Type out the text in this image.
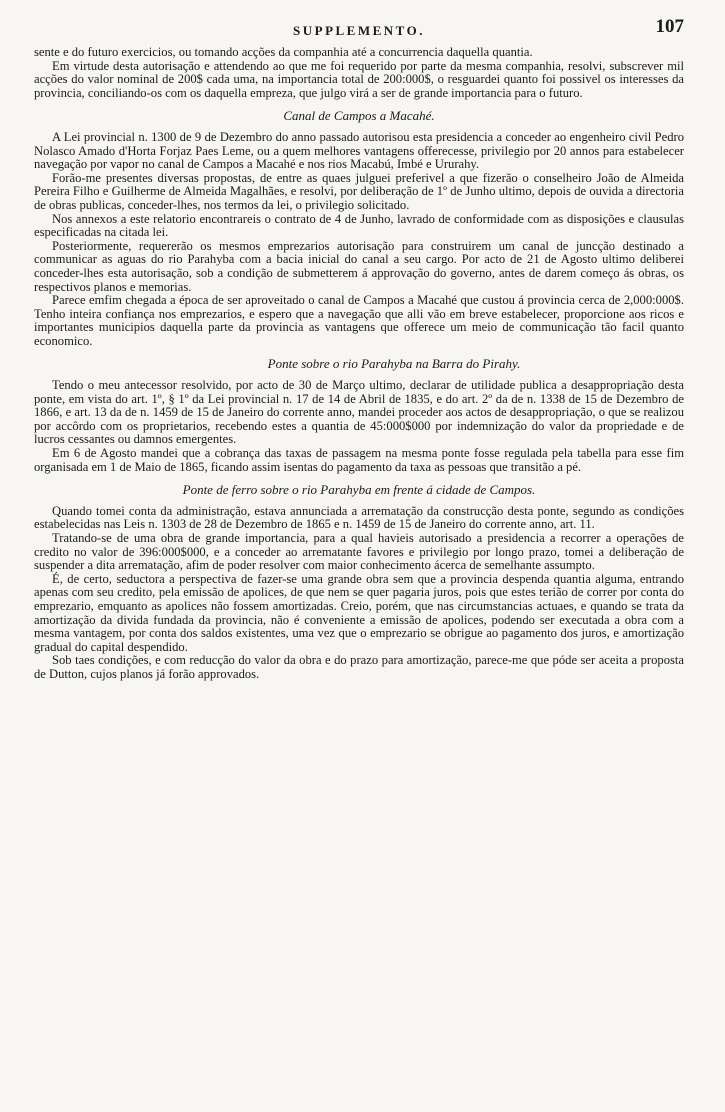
SUPPLEMENTO.	107

sente e do futuro exercicios, ou tomando acções da companhia até a concurrencia daquella quantia.

Em virtude desta autorisação e attendendo ao que me foi requerido por parte da mesma companhia, resolvi, subscrever mil acções do valor nominal de 200$ cada uma, na importancia total de 200:000$, o resguardei quanto foi possivel os interesses da provincia, conciliando-os com os daquella empreza, que julgo virá a ser de grande importancia para o futuro.

Canal de Campos a Macahé.

A Lei provincial n. 1300 de 9 de Dezembro do anno passado autorisou esta presidencia a conceder ao engenheiro civil Pedro Nolasco Amado d'Horta Forjaz Paes Leme, ou a quem melhores vantagens offerecesse, privilegio por 20 annos para estabelecer navegação por vapor no canal de Campos a Macahé e nos rios Macabú, Imbé e Ururahy.

Forão-me presentes diversas propostas, de entre as quaes julguei preferivel a que fizerão o conselheiro João de Almeida Pereira Filho e Guilherme de Almeida Magalhães, e resolvi, por deliberação de 1º de Junho ultimo, depois de ouvida a directoria de obras publicas, conceder-lhes, nos termos da lei, o privilegio solicitado.

Nos annexos a este relatorio encontrareis o contrato de 4 de Junho, lavrado de conformidade com as disposições e clausulas especificadas na citada lei.

Posteriormente, requererão os mesmos emprezarios autorisação para construirem um canal de juncção destinado a communicar as aguas do rio Parahyba com a bacia inicial do canal a seu cargo. Por acto de 21 de Agosto ultimo deliberei conceder-lhes esta autorisação, sob a condição de submetterem á approvação do governo, antes de darem começo ás obras, os respectivos planos e memorias.

Parece emfim chegada a época de ser aproveitado o canal de Campos a Macahé que custou á provincia cerca de 2,000:000$. Tenho inteira confiança nos emprezarios, e espero que a navegação que alli vão em breve estabelecer, proporcione aos ricos e importantes municipios daquella parte da provincia as vantagens que offerece um meio de communicação tão facil quanto economico.

Ponte sobre o rio Parahyba na Barra do Pirahy.

Tendo o meu antecessor resolvido, por acto de 30 de Março ultimo, declarar de utilidade publica a desappropriação desta ponte, em vista do art. 1º, § 1º da Lei provincial n. 17 de 14 de Abril de 1835, e do art. 2º da de n. 1338 de 15 de Dezembro de 1866, e art. 13 da de n. 1459 de 15 de Janeiro do corrente anno, mandei proceder aos actos de desappropriação, o que se realizou por accôrdo com os proprietarios, recebendo estes a quantia de 45:000$000 por indemnização do valor da propriedade e de lucros cessantes ou damnos emergentes.

Em 6 de Agosto mandei que a cobrança das taxas de passagem na mesma ponte fosse regulada pela tabella para esse fim organisada em 1 de Maio de 1865, ficando assim isentas do pagamento da taxa as pessoas que transitão a pé.

Ponte de ferro sobre o rio Parahyba em frente á cidade de Campos.

Quando tomei conta da administração, estava annunciada a arrematação da construcção desta ponte, segundo as condições estabelecidas nas Leis n. 1303 de 28 de Dezembro de 1865 e n. 1459 de 15 de Janeiro do corrente anno, art. 11.

Tratando-se de uma obra de grande importancia, para a qual havieis autorisado a presidencia a recorrer a operações de credito no valor de 396:000$000, e a conceder ao arrematante favores e privilegio por longo prazo, tomei a deliberação de suspender a dita arrematação, afim de poder resolver com maior conhecimento ácerca de semelhante assumpto.

É, de certo, seductora a perspectiva de fazer-se uma grande obra sem que a provincia despenda quantia alguma, entrando apenas com seu credito, pela emissão de apolices, de que nem se quer pagaria juros, pois que estes terião de correr por conta do emprezario, emquanto as apolices não fossem amortizadas. Creio, porém, que nas circumstancias actuaes, e quando se trata da amortização da divida fundada da provincia, não é conveniente a emissão de apolices, podendo ser executada a obra com a mesma vantagem, por conta dos saldos existentes, uma vez que o emprezario se obrigue ao pagamento dos juros, e amortização gradual do capital despendido.

Sob taes condições, e com reducção do valor da obra e do prazo para amortização, parece-me que póde ser aceita a proposta de Dutton, cujos planos já forão approvados.
